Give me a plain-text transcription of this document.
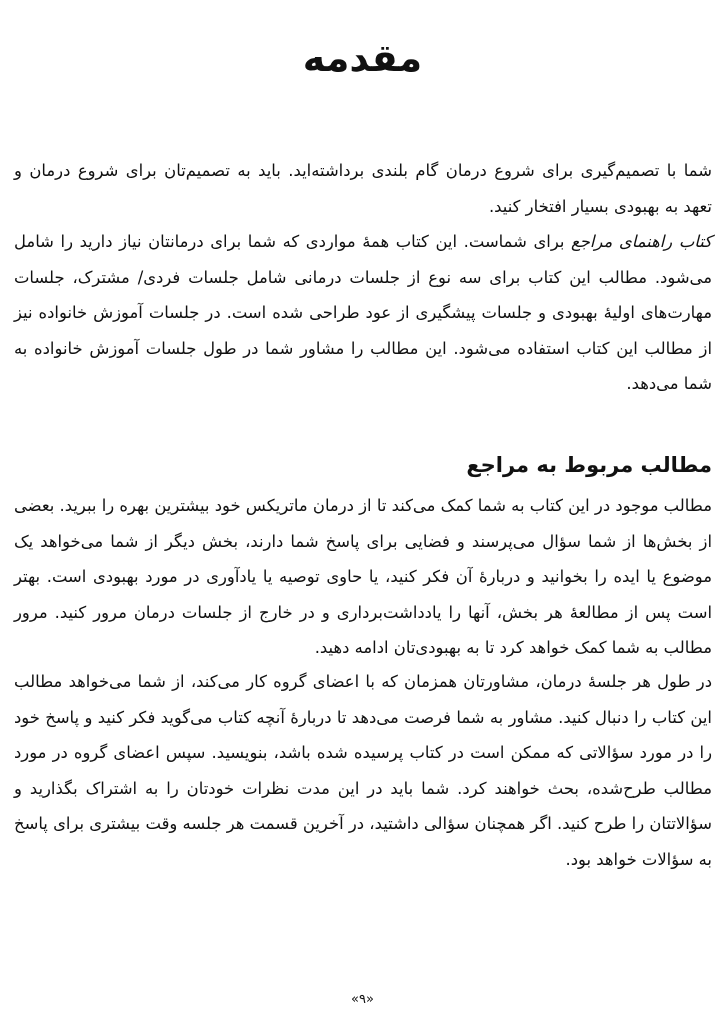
مقدمه

شما با تصمیم‌گیری برای شروع درمان گام بلندی برداشته‌اید. باید به تصمیم‌تان برای شروع درمان و تعهد به بهبودی بسیار افتخار کنید.

کتاب راهنمای مراجع برای شماست. این کتاب همهٔ مواردی که شما برای درمانتان نیاز دارید را شامل می‌شود. مطالب این کتاب برای سه نوع از جلسات درمانی شامل جلسات فردی/ مشترک، جلسات مهارت‌های اولیهٔ بهبودی و جلسات پیشگیری از عود طراحی شده است. در جلسات آموزش خانواده نیز از مطالب این کتاب استفاده می‌شود. این مطالب را مشاور شما در طول جلسات آموزش خانواده به شما می‌دهد.

مطالب مربوط به مراجع

مطالب موجود در این کتاب به شما کمک می‌کند تا از درمان ماتریکس خود بیشترین بهره را ببرید. بعضی از بخش‌ها از شما سؤال می‌پرسند و فضایی برای پاسخ شما دارند، بخش دیگر از شما می‌خواهد یک موضوع یا ایده را بخوانید و دربارهٔ آن فکر کنید، یا حاوی توصیه یا یادآوری در مورد بهبودی است. بهتر است پس از مطالعهٔ هر بخش، آنها را یادداشت‌برداری و در خارج از جلسات درمان مرور کنید. مرور مطالب به شما کمک خواهد کرد تا به بهبودی‌تان ادامه دهید.

در طول هر جلسهٔ درمان، مشاورتان همزمان که با اعضای گروه کار می‌کند، از شما می‌خواهد مطالب این کتاب را دنبال کنید. مشاور به شما فرصت می‌دهد تا دربارهٔ آنچه کتاب می‌گوید فکر کنید و پاسخ خود را در مورد سؤالاتی که ممکن است در کتاب پرسیده شده باشد، بنویسید. سپس اعضای گروه در مورد مطالب طرح‌شده، بحث خواهند کرد. شما باید در این مدت نظرات خودتان را به اشتراک بگذارید و سؤالاتتان را طرح کنید. اگر همچنان سؤالی داشتید، در آخرین قسمت هر جلسه وقت بیشتری برای پاسخ به سؤالات خواهد بود.

«۹»
